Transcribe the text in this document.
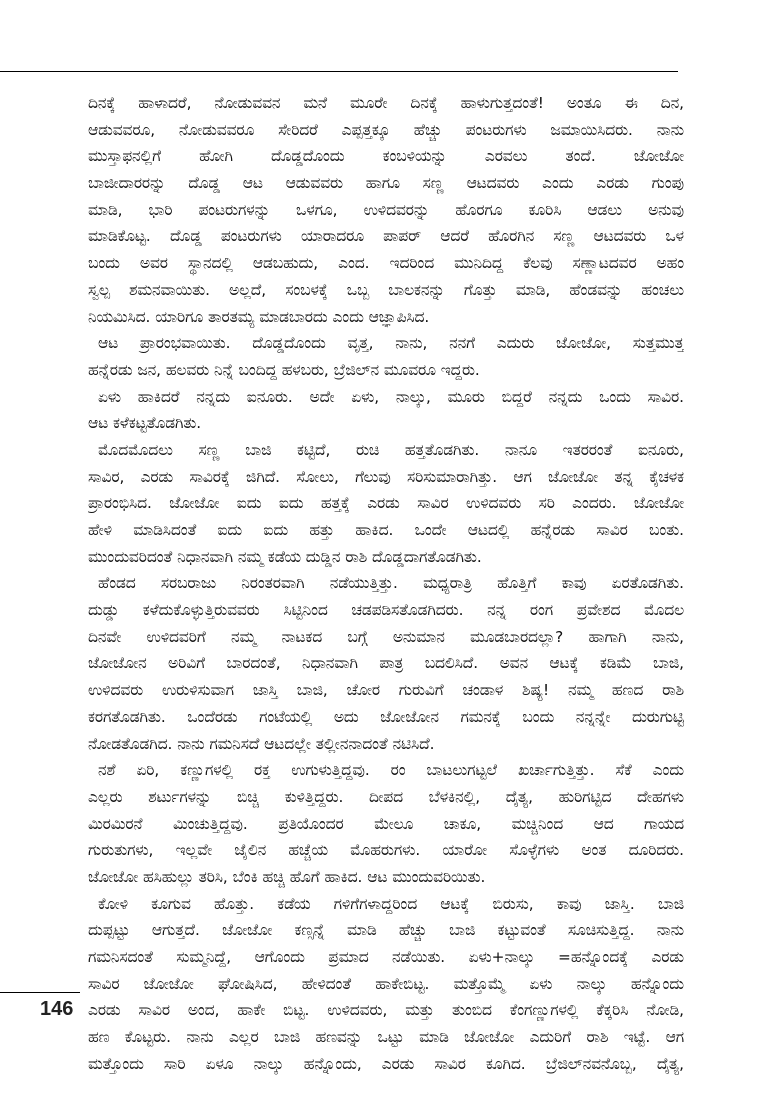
ದಿನಕ್ಕೆ ಹಾಳಾದರೆ, ನೋಡುವವನ ಮನೆ ಮೂರೇ ದಿನಕ್ಕೆ ಹಾಳುಗುತ್ತದಂತೆ! ಅಂತೂ ಈ ದಿನ,
ಆಡುವವರೂ, ನೋಡುವವರೂ ಸೇರಿದರೆ ಎಪ್ಪತ್ತಕ್ಕೂ ಹೆಚ್ಚು ಪಂಟರುಗಳು ಜಮಾಯಿಸಿದರು. ನಾನು
ಮುಸ್ತಾಫನಲ್ಲಿಗೆ ಹೋಗಿ ದೊಡ್ಡದೊಂದು ಕಂಬಳಿಯನ್ನು ಎರವಲು ತಂದೆ. ಜೋಜೋ
ಬಾಜೀದಾರರನ್ನು ದೊಡ್ಡ ಆಟ ಆಡುವವರು ಹಾಗೂ ಸಣ್ಣ ಆಟದವರು ಎಂದು ಎರಡು ಗುಂಪು
ಮಾಡಿ, ಭಾರಿ ಪಂಟರುಗಳನ್ನು ಒಳಗೂ, ಉಳಿದವರನ್ನು ಹೊರಗೂ ಕೂರಿಸಿ ಆಡಲು ಅನುವು
ಮಾಡಿಕೊಟ್ಟ. ದೊಡ್ಡ ಪಂಟರುಗಳು ಯಾರಾದರೂ ಪಾಪರ್ ಆದರೆ ಹೊರಗಿನ ಸಣ್ಣ ಆಟದವರು ಒಳ
ಬಂದು ಅವರ ಸ್ಥಾನದಲ್ಲಿ ಆಡಬಹುದು, ಎಂದ. ಇದರಿಂದ ಮುನಿದಿದ್ದ ಕೆಲವು ಸಣ್ಣಾಟದವರ ಅಹಂ
ಸ್ವಲ್ಪ ಶಮನವಾಯಿತು. ಅಲ್ಲದೆ, ಸಂಬಳಕ್ಕೆ ಒಬ್ಬ ಬಾಲಕನನ್ನು ಗೊತ್ತು ಮಾಡಿ, ಹೆಂಡವನ್ನು ಹಂಚಲು
ನಿಯಮಿಸಿದ. ಯಾರಿಗೂ ತಾರತಮ್ಯ ಮಾಡಬಾರದು ಎಂದು ಆಜ್ಞಾಪಿಸಿದ.
ಆಟ ಪ್ರಾರಂಭವಾಯಿತು. ದೊಡ್ಡದೊಂದು ವೃತ್ತ, ನಾನು, ನನಗೆ ಎದುರು ಜೋಜೋ, ಸುತ್ತಮುತ್ತ
ಹನ್ನೆರಡು ಜನ, ಹಲವರು ನಿನ್ನೆ ಬಂದಿದ್ದ ಹಳಬರು, ಬ್ರೆಜಿಲ್‌ನ ಮೂವರೂ ಇದ್ದರು.
ಏಳು ಹಾಕಿದರೆ ನನ್ನದು ಐನೂರು. ಅದೇ ಏಳು, ನಾಲ್ಕು, ಮೂರು ಬಿದ್ದರೆ ನನ್ನದು ಒಂದು ಸಾವಿರ.
ಆಟ ಕಳೆಕಟ್ಟತೊಡಗಿತು.
ಮೊದಮೊದಲು ಸಣ್ಣ ಬಾಜಿ ಕಟ್ಟಿದೆ, ರುಚಿ ಹತ್ತತೊಡಗಿತು. ನಾನೂ ಇತರರಂತೆ ಐನೂರು,
ಸಾವಿರ, ಎರಡು ಸಾವಿರಕ್ಕೆ ಜಿಗಿದೆ. ಸೋಲು, ಗೆಲುವು ಸರಿಸುಮಾರಾಗಿತ್ತು. ಆಗ ಜೋಜೋ ತನ್ನ ಕೈಚಳಕ
ಪ್ರಾರಂಭಿಸಿದ. ಜೋಜೋ ಐದು ಐದು ಹತ್ತಕ್ಕೆ ಎರಡು ಸಾವಿರ ಉಳಿದವರು ಸರಿ ಎಂದರು. ಜೋಜೋ
ಹೇಳಿ ಮಾಡಿಸಿದಂತೆ ಐದು ಐದು ಹತ್ತು ಹಾಕಿದ. ಒಂದೇ ಆಟದಲ್ಲಿ ಹನ್ನೆರಡು ಸಾವಿರ ಬಂತು.
ಮುಂದುವರಿದಂತೆ ನಿಧಾನವಾಗಿ ನಮ್ಮ ಕಡೆಯ ದುಡ್ಡಿನ ರಾಶಿ ದೊಡ್ಡದಾಗತೊಡಗಿತು.
ಹೆಂಡದ ಸರಬರಾಜು ನಿರಂತರವಾಗಿ ನಡೆಯುತ್ತಿತ್ತು. ಮಧ್ಯರಾತ್ರಿ ಹೊತ್ತಿಗೆ ಕಾವು ಏರತೊಡಗಿತು.
ದುಡ್ಡು ಕಳೆದುಕೊಳ್ಳುತ್ತಿರುವವರು ಸಿಟ್ಟಿನಿಂದ ಚಡಪಡಿಸತೊಡಗಿದರು. ನನ್ನ ರಂಗ ಪ್ರವೇಶದ ಮೊದಲ
ದಿನವೇ ಉಳಿದವರಿಗೆ ನಮ್ಮ ನಾಟಕದ ಬಗ್ಗೆ ಅನುಮಾನ ಮೂಡಬಾರದಲ್ಲಾ? ಹಾಗಾಗಿ ನಾನು,
ಜೋಜೋನ ಅರಿವಿಗೆ ಬಾರದಂತೆ, ನಿಧಾನವಾಗಿ ಪಾತ್ರ ಬದಲಿಸಿದೆ. ಅವನ ಆಟಕ್ಕೆ ಕಡಿಮೆ ಬಾಜಿ,
ಉಳಿದವರು ಉರುಳಿಸುವಾಗ ಜಾಸ್ತಿ ಬಾಜಿ, ಚೋರ ಗುರುವಿಗೆ ಚಂಡಾಳ ಶಿಷ್ಯ! ನಮ್ಮ ಹಣದ ರಾಶಿ
ಕರಗತೊಡಗಿತು. ಒಂದೆರಡು ಗಂಟೆಯಲ್ಲಿ ಅದು ಜೋಜೋನ ಗಮನಕ್ಕೆ ಬಂದು ನನ್ನನ್ನೇ ದುರುಗುಟ್ಟಿ
ನೋಡತೊಡಗಿದ. ನಾನು ಗಮನಿಸದೆ ಆಟದಲ್ಲೇ ತಲ್ಲೀನನಾದಂತೆ ನಟಿಸಿದೆ.
ನಶೆ ಏರಿ, ಕಣ್ಣುಗಳಲ್ಲಿ ರಕ್ತ ಉಗುಳುತ್ತಿದ್ದವು. ರಂ ಬಾಟಲುಗಟ್ಟಲೆ ಖರ್ಚಾಗುತ್ತಿತ್ತು. ಸೆಕೆ ಎಂದು
ಎಲ್ಲರು ಶರ್ಟುಗಳನ್ನು ಬಿಚ್ಚಿ ಕುಳಿತ್ತಿದ್ದರು. ದೀಪದ ಬೆಳಕಿನಲ್ಲಿ, ದೈತ್ಯ, ಹುರಿಗಟ್ಟಿದ ದೇಹಗಳು
ಮಿರಮಿರನೆ ಮಿಂಚುತ್ತಿದ್ದವು. ಪ್ರತಿಯೊಂದರ ಮೇಲೂ ಚಾಕೂ, ಮಚ್ಚಿನಿಂದ ಆದ ಗಾಯದ
ಗುರುತುಗಳು, ಇಲ್ಲವೇ ಜೈಲಿನ ಹಚ್ಚೆಯ ಮೊಹರುಗಳು. ಯಾರೋ ಸೊಳ್ಳೆಗಳು ಅಂತ ದೂರಿದರು.
ಜೋಜೋ ಹಸಿಹುಲ್ಲು ತರಿಸಿ, ಬೆಂಕಿ ಹಚ್ಚಿ ಹೊಗೆ ಹಾಕಿದ. ಆಟ ಮುಂದುವರಿಯಿತು.
ಕೋಳಿ ಕೂಗುವ ಹೊತ್ತು. ಕಡೆಯ ಗಳಿಗೆಗಳಾದ್ದರಿಂದ ಆಟಕ್ಕೆ ಬಿರುಸು, ಕಾವು ಜಾಸ್ತಿ. ಬಾಜಿ
ದುಪ್ಪಟ್ಟು ಆಗುತ್ತದೆ. ಜೋಜೋ ಕಣ್ಸನ್ನೆ ಮಾಡಿ ಹೆಚ್ಚು ಬಾಜಿ ಕಟ್ಟುವಂತೆ ಸೂಚಿಸುತ್ತಿದ್ದ. ನಾನು
ಗಮನಿಸದಂತೆ ಸುಮ್ಮನಿದ್ದೆ, ಆಗೊಂದು ಪ್ರಮಾದ ನಡೆಯಿತು. ಏಳು+ನಾಲ್ಕು =ಹನ್ನೊಂದಕ್ಕೆ ಎರಡು
ಸಾವಿರ ಜೋಜೋ ಘೋಷಿಸಿದ, ಹೇಳಿದಂತೆ ಹಾಕೇಬಿಟ್ಟ. ಮತ್ತೊಮ್ಮೆ ಏಳು ನಾಲ್ಕು ಹನ್ನೊಂದು
ಎರಡು ಸಾವಿರ ಅಂದ, ಹಾಕೇ ಬಿಟ್ಟ. ಉಳಿದವರು, ಮತ್ತು ತುಂಬಿದ ಕೆಂಗಣ್ಣುಗಳಲ್ಲಿ ಕೆಕ್ಕರಿಸಿ ನೋಡಿ,
ಹಣ ಕೊಟ್ಟರು. ನಾನು ಎಲ್ಲರ ಬಾಜಿ ಹಣವನ್ನು ಒಟ್ಟು ಮಾಡಿ ಜೋಜೋ ಎದುರಿಗೆ ರಾಶಿ ಇಟ್ಟೆ. ಆಗ
ಮತ್ತೊಂದು ಸಾರಿ ಏಳೂ ನಾಲ್ಕು ಹನ್ನೊಂದು, ಎರಡು ಸಾವಿರ ಕೂಗಿದ. ಬ್ರೆಜಿಲ್‌ನವನೊಬ್ಬ, ದೈತ್ಯ,
146
